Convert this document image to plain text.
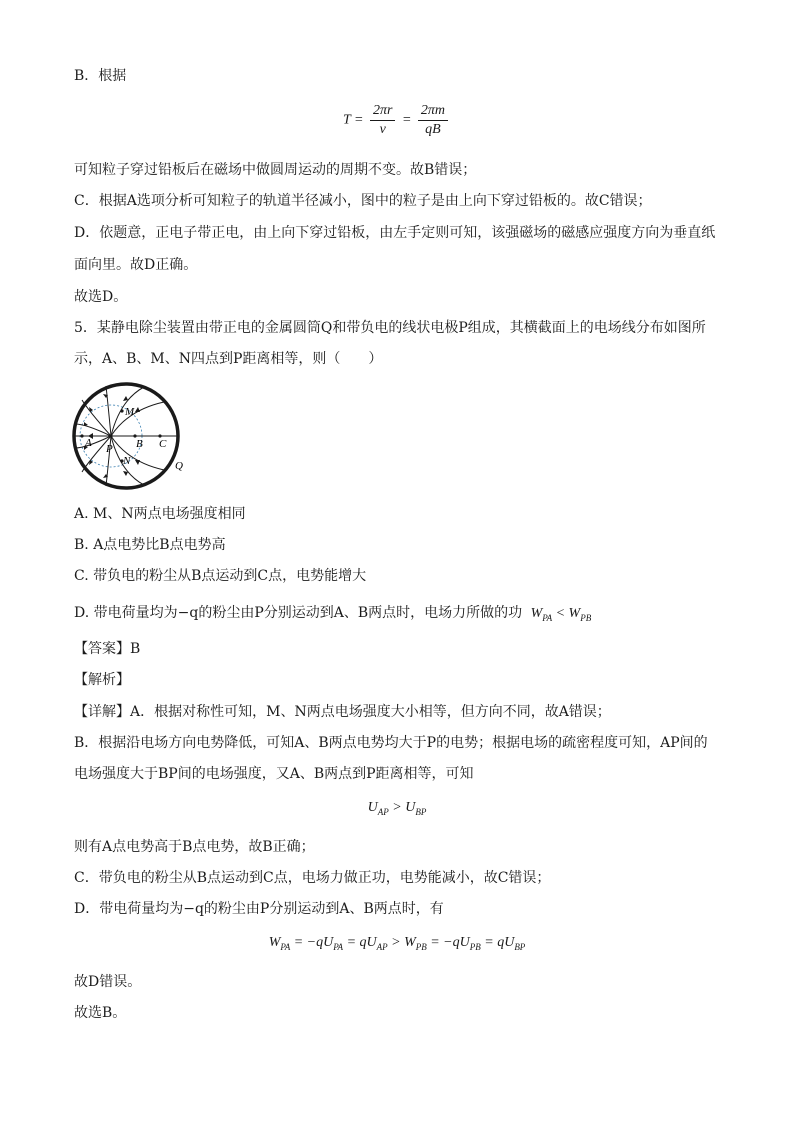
B．根据
$T = \frac{2\pi r}{v} = \frac{2\pi m}{qB}$
可知粒子穿过铅板后在磁场中做圆周运动的周期不变。故B错误；
C．根据A选项分析可知粒子的轨道半径减小，图中的粒子是由上向下穿过铅板的。故C错误；
D．依题意，正电子带正电，由上向下穿过铅板，由左手定则可知，该强磁场的磁感应强度方向为垂直纸
面向里。故D正确。
故选D。
5．某静电除尘装置由带正电的金属圆筒Q和带负电的线状电极P组成，其横截面上的电场线分布如图所
示，A、B、M、N四点到P距离相等，则（　　）
M
A P B C
N	Q
A. M、N两点电场强度相同
B. A点电势比B点电势高
C. 带负电的粉尘从B点运动到C点，电势能增大
D. 带电荷量均为−q的粉尘由P分别运动到A、B两点时，电场力所做的功 $W_{PA} < W_{PB}$
【答案】B
【解析】
【详解】A．根据对称性可知，M、N两点电场强度大小相等，但方向不同，故A错误；
B．根据沿电场方向电势降低，可知A、B两点电势均大于P的电势；根据电场的疏密程度可知，AP间的
电场强度大于BP间的电场强度，又A、B两点到P距离相等，可知
$U_{AP} > U_{BP}$
则有A点电势高于B点电势，故B正确；
C．带负电的粉尘从B点运动到C点，电场力做正功，电势能减小，故C错误；
D．带电荷量均为−q的粉尘由P分别运动到A、B两点时，有
$W_{PA} = -qU_{PA} = qU_{AP} > W_{PB} = -qU_{PB} = qU_{BP}$
故D错误。
故选B。
